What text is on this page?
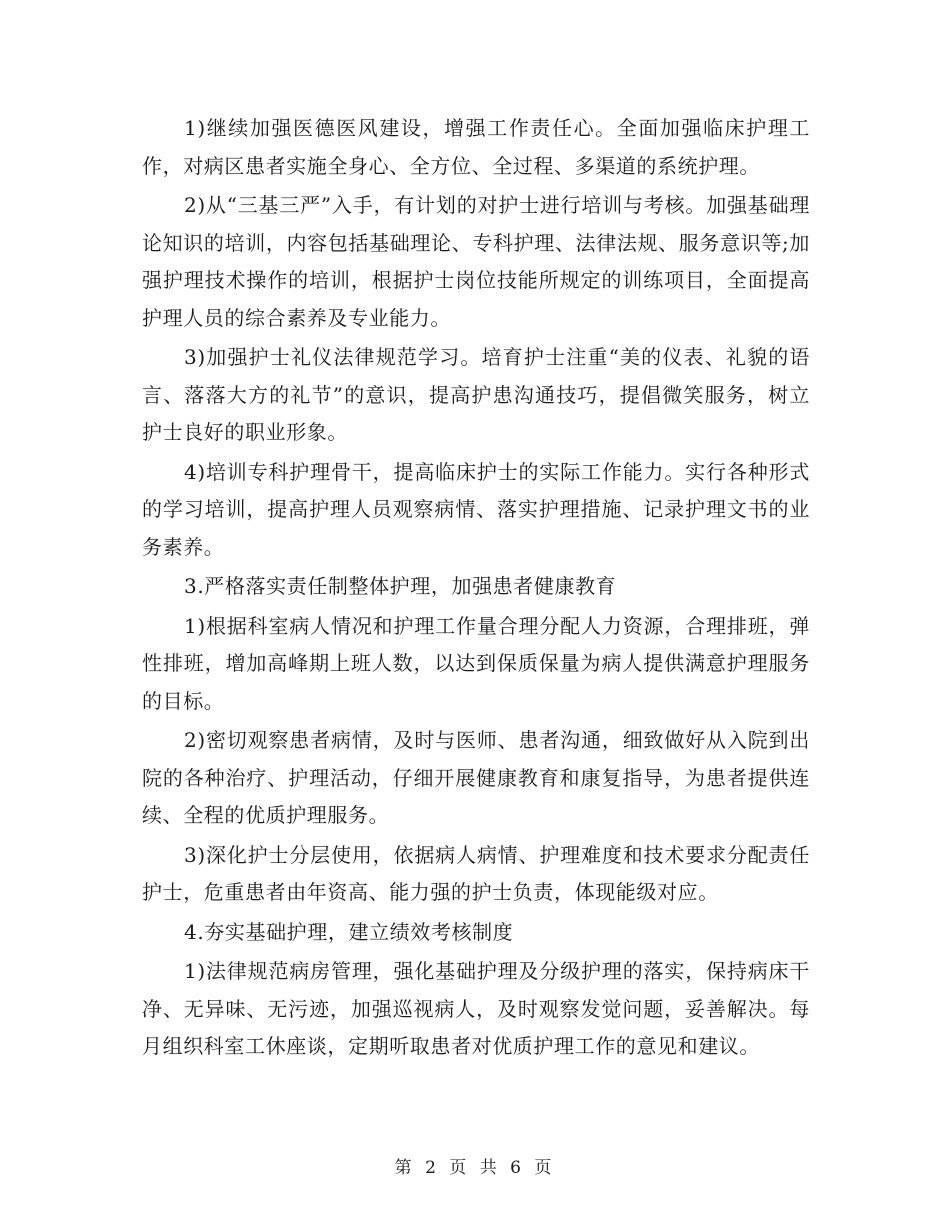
1)继续加强医德医风建设，增强工作责任心。全面加强临床护理工作，对病区患者实施全身心、全方位、全过程、多渠道的系统护理。

2)从“三基三严”入手，有计划的对护士进行培训与考核。加强基础理论知识的培训，内容包括基础理论、专科护理、法律法规、服务意识等;加强护理技术操作的培训，根据护士岗位技能所规定的训练项目，全面提高护理人员的综合素养及专业能力。

3)加强护士礼仪法律规范学习。培育护士注重“美的仪表、礼貌的语言、落落大方的礼节”的意识，提高护患沟通技巧，提倡微笑服务，树立护士良好的职业形象。

4)培训专科护理骨干，提高临床护士的实际工作能力。实行各种形式的学习培训，提高护理人员观察病情、落实护理措施、记录护理文书的业务素养。

3.严格落实责任制整体护理，加强患者健康教育

1)根据科室病人情况和护理工作量合理分配人力资源，合理排班，弹性排班，增加高峰期上班人数，以达到保质保量为病人提供满意护理服务的目标。

2)密切观察患者病情，及时与医师、患者沟通，细致做好从入院到出院的各种治疗、护理活动，仔细开展健康教育和康复指导，为患者提供连续、全程的优质护理服务。

3)深化护士分层使用，依据病人病情、护理难度和技术要求分配责任护士，危重患者由年资高、能力强的护士负责，体现能级对应。

4.夯实基础护理，建立绩效考核制度

1)法律规范病房管理，强化基础护理及分级护理的落实，保持病床干净、无异味、无污迹，加强巡视病人，及时观察发觉问题，妥善解决。每月组织科室工休座谈，定期听取患者对优质护理工作的意见和建议。

第 2 页 共 6 页
